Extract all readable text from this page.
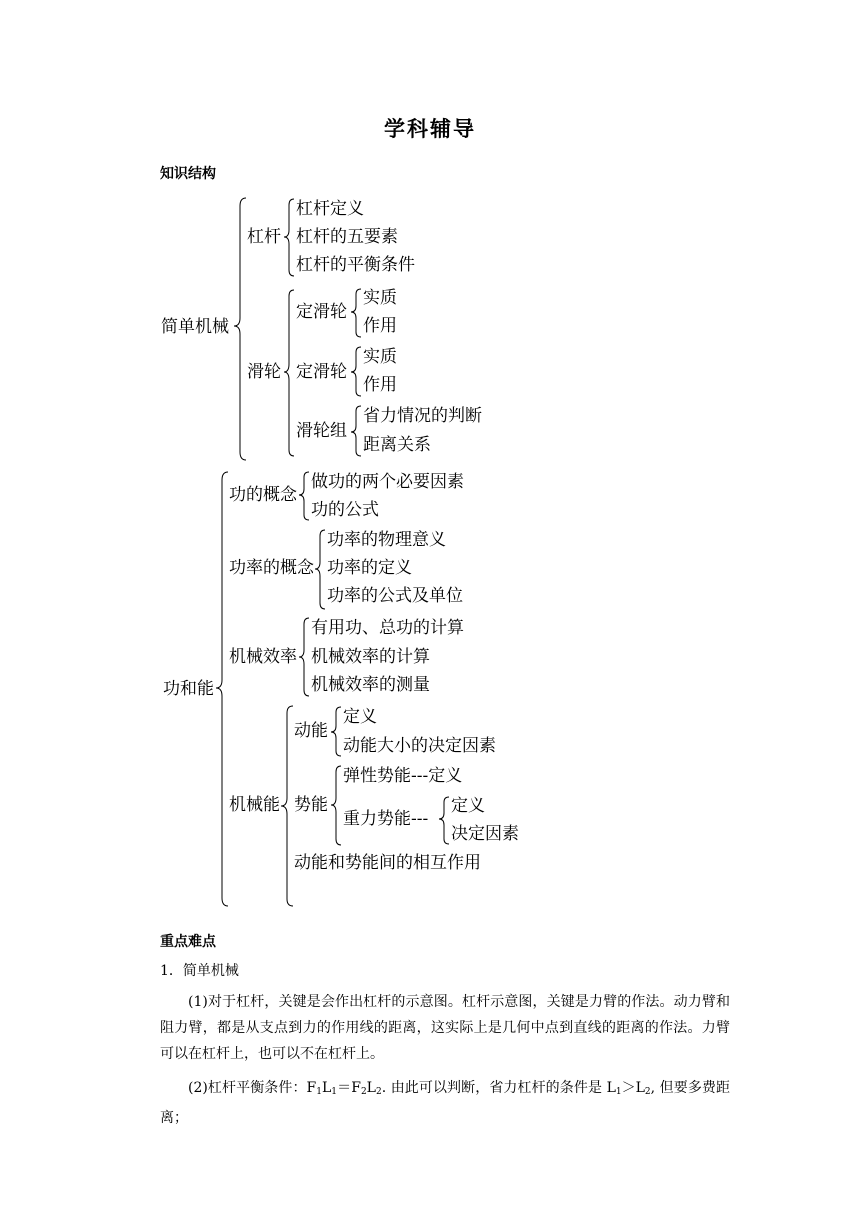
学科辅导
知识结构
简单机械
杠杆
杠杆定义
杠杆的五要素
杠杆的平衡条件
滑轮
定滑轮
实质
作用
定滑轮
实质
作用
滑轮组
省力情况的判断
距离关系
功和能
功的概念
做功的两个必要因素
功的公式
功率的概念
功率的物理意义
功率的定义
功率的公式及单位
机械效率
有用功、总功的计算
机械效率的计算
机械效率的测量
机械能
动能
定义
动能大小的决定因素
势能
弹性势能---定义
重力势能---
定义
决定因素
动能和势能间的相互作用
重点难点
1．简单机械
(1)对于杠杆，关键是会作出杠杆的示意图。杠杆示意图，关键是力臂的作法。动力臂和阻力臂，都是从支点到力的作用线的距离，这实际上是几何中点到直线的距离的作法。力臂可以在杠杆上，也可以不在杠杆上。
(2)杠杆平衡条件：$F_1L_1=F_2L_2$. 由此可以判断，省力杠杆的条件是 $L_1>L_2$, 但要多费距离；
